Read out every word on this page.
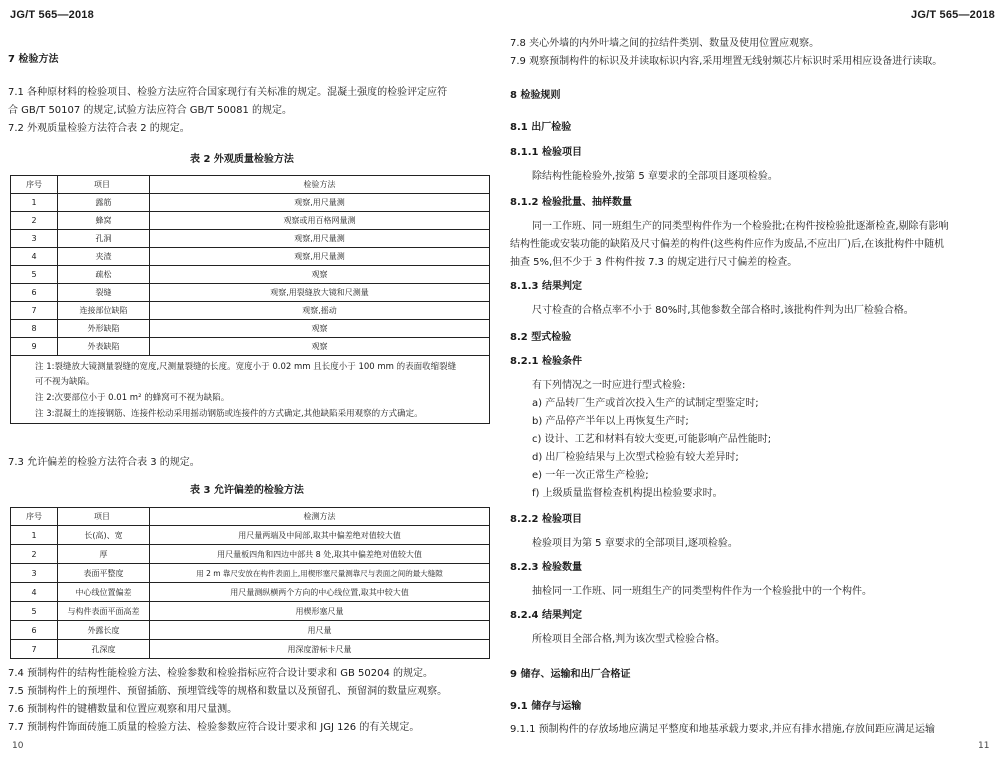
JG/T 565—2018
7 检验方法
7.1 各种原材料的检验项目、检验方法应符合国家现行有关标准的规定。混凝土强度的检验评定应符
合 GB/T 50107 的规定,试验方法应符合 GB/T 50081 的规定。
7.2 外观质量检验方法符合表 2 的规定。
表 2 外观质量检验方法
序号	项目	检验方法
1	露筋	观察,用尺量测
2	蜂窝	观察或用百格网量测
3	孔洞	观察,用尺量测
4	夹渣	观察,用尺量测
5	疏松	观察
6	裂缝	观察,用裂缝放大镜和尺测量
7	连接部位缺陷	观察,摇动
8	外形缺陷	观察
9	外表缺陷	观察

注 1:裂缝放大镜测量裂缝的宽度,尺测量裂缝的长度。宽度小于 0.02 mm 且长度小于 100 mm 的表面收缩裂缝
可不视为缺陷。
注 2:次要部位小于 0.01 m² 的蜂窝可不视为缺陷。
注 3:混凝土的连接钢筋、连接件松动采用摇动钢筋或连接件的方式确定,其他缺陷采用观察的方式确定。		
7.3 允许偏差的检验方法符合表 3 的规定。
表 3 允许偏差的检验方法
序号	项目	检测方法
1	长(高)、宽	用尺量两端及中间部,取其中偏差绝对值较大值
2	厚	用尺量板四角和四边中部共 8 处,取其中偏差绝对值较大值
3	表面平整度	用 2 m 靠尺安放在构件表面上,用楔形塞尺量测靠尺与表面之间的最大缝隙
4	中心线位置偏差	用尺量测纵横两个方向的中心线位置,取其中较大值
5	与构件表面平面高差	用楔形塞尺量
6	外露长度	用尺量
7	孔深度	用深度游标卡尺量
7.4 预制构件的结构性能检验方法、检验参数和检验指标应符合设计要求和 GB 50204 的规定。
7.5 预制构件上的预埋件、预留插筋、预埋管线等的规格和数量以及预留孔、预留洞的数量应观察。
7.6 预制构件的键槽数量和位置应观察和用尺量测。
7.7 预制构件饰面砖施工质量的检验方法、检验参数应符合设计要求和 JGJ 126 的有关规定。
10
JG/T 565—2018
7.8 夹心外墙的内外叶墙之间的拉结件类别、数量及使用位置应观察。
7.9 观察预制构件的标识及并读取标识内容,采用埋置无线射频芯片标识时采用相应设备进行读取。
8 检验规则
8.1 出厂检验
8.1.1 检验项目
除结构性能检验外,按第 5 章要求的全部项目逐项检验。
8.1.2 检验批量、抽样数量
同一工作班、同一班组生产的同类型构件作为一个检验批;在构件按检验批逐渐检查,剔除有影响
结构性能或安装功能的缺陷及尺寸偏差的构件(这些构件应作为废品,不应出厂)后,在该批构件中随机
抽查 5%,但不少于 3 件构件按 7.3 的规定进行尺寸偏差的检查。
8.1.3 结果判定
尺寸检查的合格点率不小于 80%时,其他参数全部合格时,该批构件判为出厂检验合格。
8.2 型式检验
8.2.1 检验条件
有下列情况之一时应进行型式检验:
a) 产品转厂生产或首次投入生产的试制定型鉴定时;
b) 产品停产半年以上再恢复生产时;
c) 设计、工艺和材料有较大变更,可能影响产品性能时;
d) 出厂检验结果与上次型式检验有较大差异时;
e) 一年一次正常生产检验;
f) 上级质量监督检查机构提出检验要求时。
8.2.2 检验项目
检验项目为第 5 章要求的全部项目,逐项检验。
8.2.3 检验数量
抽检同一工作班、同一班组生产的同类型构件作为一个检验批中的一个构件。
8.2.4 结果判定
所检项目全部合格,判为该次型式检验合格。
9 储存、运输和出厂合格证
9.1 储存与运输
9.1.1 预制构件的存放场地应满足平整度和地基承载力要求,并应有排水措施,存放间距应满足运输
11
